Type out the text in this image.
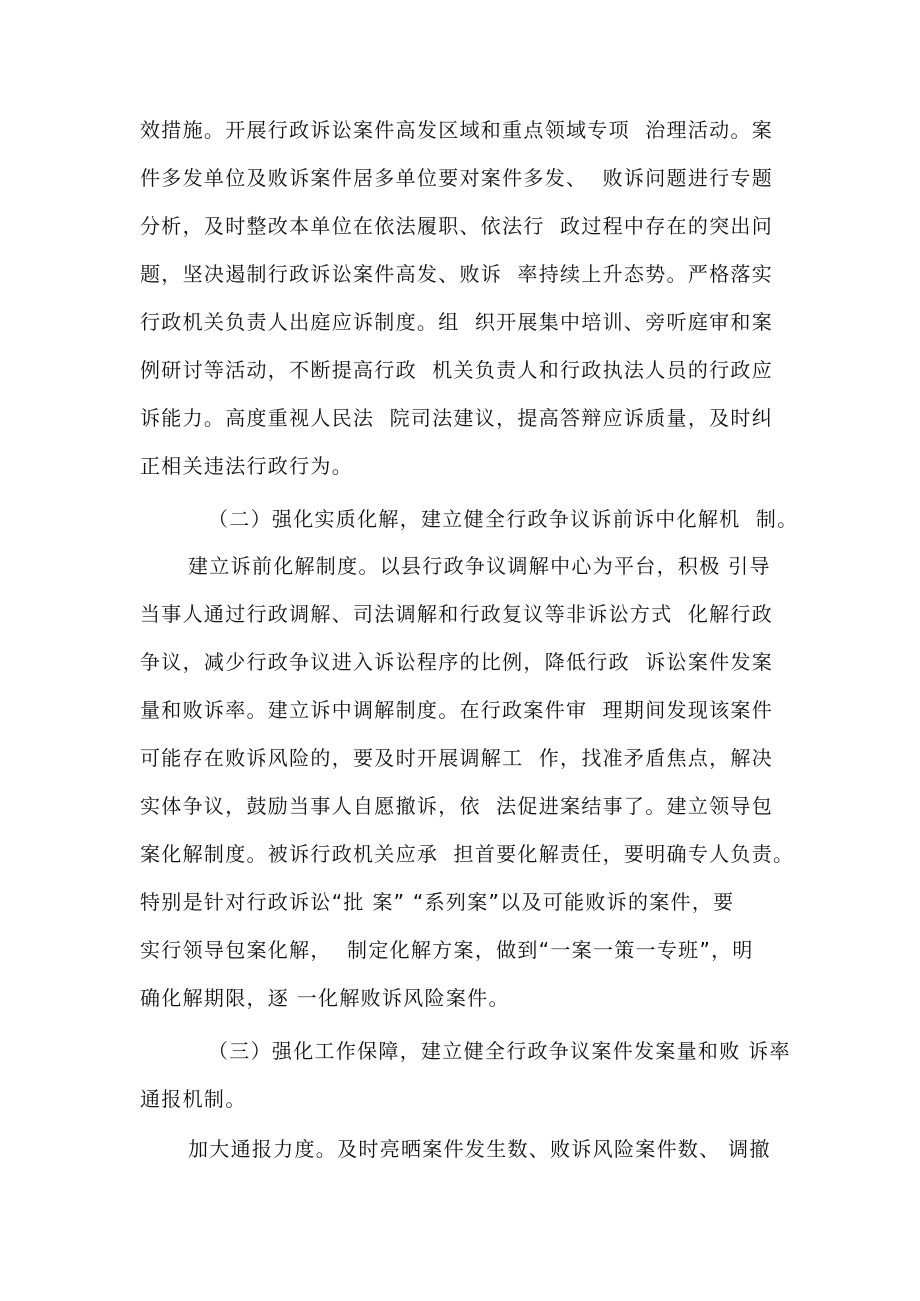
效措施。开展行政诉讼案件高发区域和重点领域专项  治理活动。案
件多发单位及败诉案件居多单位要对案件多发、  败诉问题进行专题
分析，及时整改本单位在依法履职、依法行  政过程中存在的突出问
题，坚决遏制行政诉讼案件高发、败诉  率持续上升态势。严格落实
行政机关负责人出庭应诉制度。组  织开展集中培训、旁听庭审和案
例研讨等活动，不断提高行政  机关负责人和行政执法人员的行政应
诉能力。高度重视人民法  院司法建议，提高答辩应诉质量，及时纠
正相关违法行政行为。
（二）强化实质化解，建立健全行政争议诉前诉中化解机  制。
建立诉前化解制度。以县行政争议调解中心为平台，积极 引导
当事人通过行政调解、司法调解和行政复议等非诉讼方式  化解行政
争议，减少行政争议进入诉讼程序的比例，降低行政  诉讼案件发案
量和败诉率。建立诉中调解制度。在行政案件审  理期间发现该案件
可能存在败诉风险的，要及时开展调解工  作，找准矛盾焦点，解决
实体争议，鼓励当事人自愿撤诉，依  法促进案结事了。建立领导包
案化解制度。被诉行政机关应承  担首要化解责任，要明确专人负责。
特别是针对行政诉讼“批 案” “系列案”以及可能败诉的案件，要
实行领导包案化解，  制定化解方案，做到“一案一策一专班”，明
确化解期限，逐 一化解败诉风险案件。
（三）强化工作保障，建立健全行政争议案件发案量和败 诉率
通报机制。
加大通报力度。及时亮晒案件发生数、败诉风险案件数、 调撤
